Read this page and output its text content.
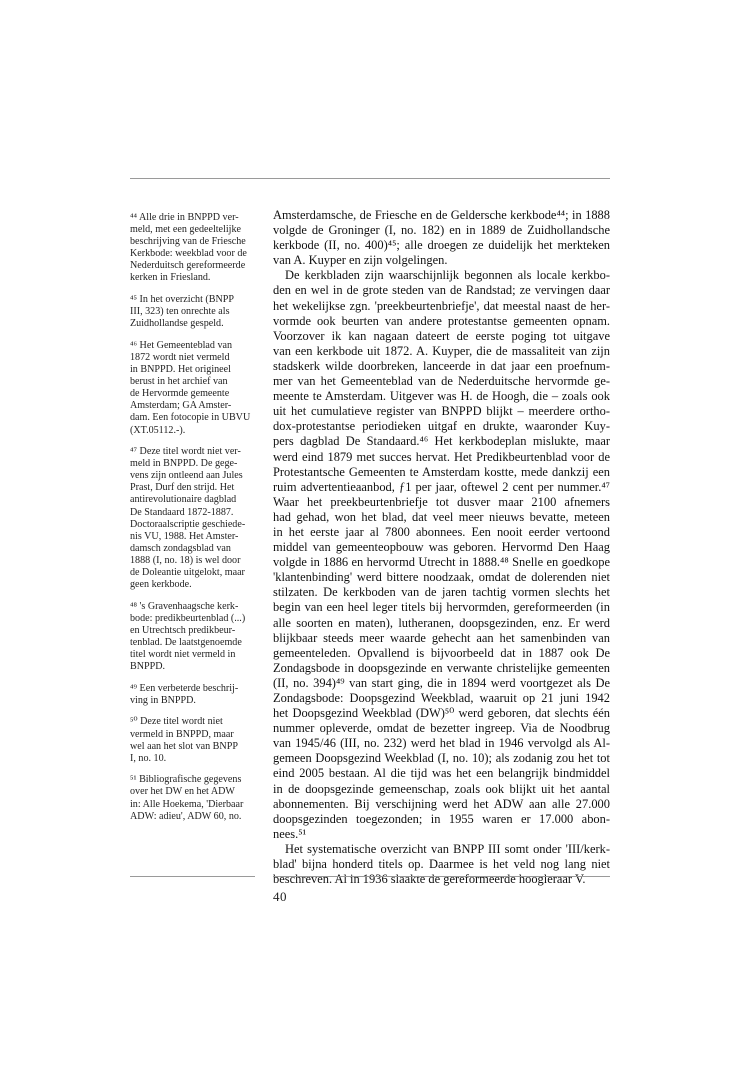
⁴⁴ Alle drie in BNPPD ver-

meld, met een gedeeltelijke

beschrijving van de Friesche

Kerkbode: weekblad voor de

Nederduitsch gereformeerde

kerken in Friesland.

⁴⁵ In het overzicht (BNPP

III, 323) ten onrechte als

Zuidhollandse gespeld.

⁴⁶ Het Gemeenteblad van

1872 wordt niet vermeld

in BNPPD. Het origineel

berust in het archief van

de Hervormde gemeente

Amsterdam; GA Amster-

dam. Een fotocopie in UBVU

(XT.05112.-).

⁴⁷ Deze titel wordt niet ver-

meld in BNPPD. De gege-

vens zijn ontleend aan Jules

Prast, Durf den strijd. Het

antirevolutionaire dagblad

De Standaard 1872-1887.

Doctoraalscriptie geschiede-

nis VU, 1988. Het Amster-

damsch zondagsblad van

1888 (I, no. 18) is wel door

de Doleantie uitgelokt, maar

geen kerkbode.

⁴⁸ 's Gravenhaagsche kerk-

bode: predikbeurtenblad (...)

en Utrechtsch predikbeur-

tenblad. De laatstgenoemde

titel wordt niet vermeld in

BNPPD.

⁴⁹ Een verbeterde beschrij-

ving in BNPPD.

⁵⁰ Deze titel wordt niet

vermeld in BNPPD, maar

wel aan het slot van BNPP

I, no. 10.

⁵¹ Bibliografische gegevens

over het DW en het ADW

in: Alle Hoekema, 'Dierbaar

ADW: adieu', ADW 60, no.

Amsterdamsche, de Friesche en de Geldersche kerkbode⁴⁴; in 1888

volgde de Groninger (I, no. 182) en in 1889 de Zuidhollandsche

kerkbode (II, no. 400)⁴⁵; alle droegen ze duidelijk het merkteken

van A. Kuyper en zijn volgelingen.

De kerkbladen zijn waarschijnlijk begonnen als locale kerkbo-

den en wel in de grote steden van de Randstad; ze vervingen daar

het wekelijkse zgn. 'preekbeurtenbriefje', dat meestal naast de her-

vormde ook beurten van andere protestantse gemeenten opnam.

Voorzover ik kan nagaan dateert de eerste poging tot uitgave

van een kerkbode uit 1872. A. Kuyper, die de massaliteit van zijn

stadskerk wilde doorbreken, lanceerde in dat jaar een proefnum-

mer van het Gemeenteblad van de Nederduitsche hervormde ge-

meente te Amsterdam. Uitgever was H. de Hoogh, die – zoals ook

uit het cumulatieve register van BNPPD blijkt – meerdere ortho-

dox-protestantse periodieken uitgaf en drukte, waaronder Kuy-

pers dagblad De Standaard.⁴⁶ Het kerkbodeplan mislukte, maar

werd eind 1879 met succes hervat. Het Predikbeurtenblad voor de

Protestantsche Gemeenten te Amsterdam kostte, mede dankzij een

ruim advertentieaanbod, ƒ1 per jaar, oftewel 2 cent per nummer.⁴⁷

Waar het preekbeurtenbriefje tot dusver maar 2100 afnemers

had gehad, won het blad, dat veel meer nieuws bevatte, meteen

in het eerste jaar al 7800 abonnees. Een nooit eerder vertoond

middel van gemeenteopbouw was geboren. Hervormd Den Haag

volgde in 1886 en hervormd Utrecht in 1888.⁴⁸ Snelle en goedkope

'klantenbinding' werd bittere noodzaak, omdat de dolerenden niet

stilzaten. De kerkboden van de jaren tachtig vormen slechts het

begin van een heel leger titels bij hervormden, gereformeerden (in

alle soorten en maten), lutheranen, doopsgezinden, enz. Er werd

blijkbaar steeds meer waarde gehecht aan het samenbinden van

gemeenteleden. Opvallend is bijvoorbeeld dat in 1887 ook De

Zondagsbode in doopsgezinde en verwante christelijke gemeenten

(II, no. 394)⁴⁹ van start ging, die in 1894 werd voortgezet als De

Zondagsbode: Doopsgezind Weekblad, waaruit op 21 juni 1942

het Doopsgezind Weekblad (DW)⁵⁰ werd geboren, dat slechts één

nummer opleverde, omdat de bezetter ingreep. Via de Noodbrug

van 1945/46 (III, no. 232) werd het blad in 1946 vervolgd als Al-

gemeen Doopsgezind Weekblad (I, no. 10); als zodanig zou het tot

eind 2005 bestaan. Al die tijd was het een belangrijk bindmiddel

in de doopsgezinde gemeenschap, zoals ook blijkt uit het aantal

abonnementen. Bij verschijning werd het ADW aan alle 27.000

doopsgezinden toegezonden; in 1955 waren er 17.000 abon-

nees.⁵¹

Het systematische overzicht van BNPP III somt onder 'III/kerk-

blad' bijna honderd titels op. Daarmee is het veld nog lang niet

beschreven. Al in 1936 slaakte de gereformeerde hoogleraar V.

40
